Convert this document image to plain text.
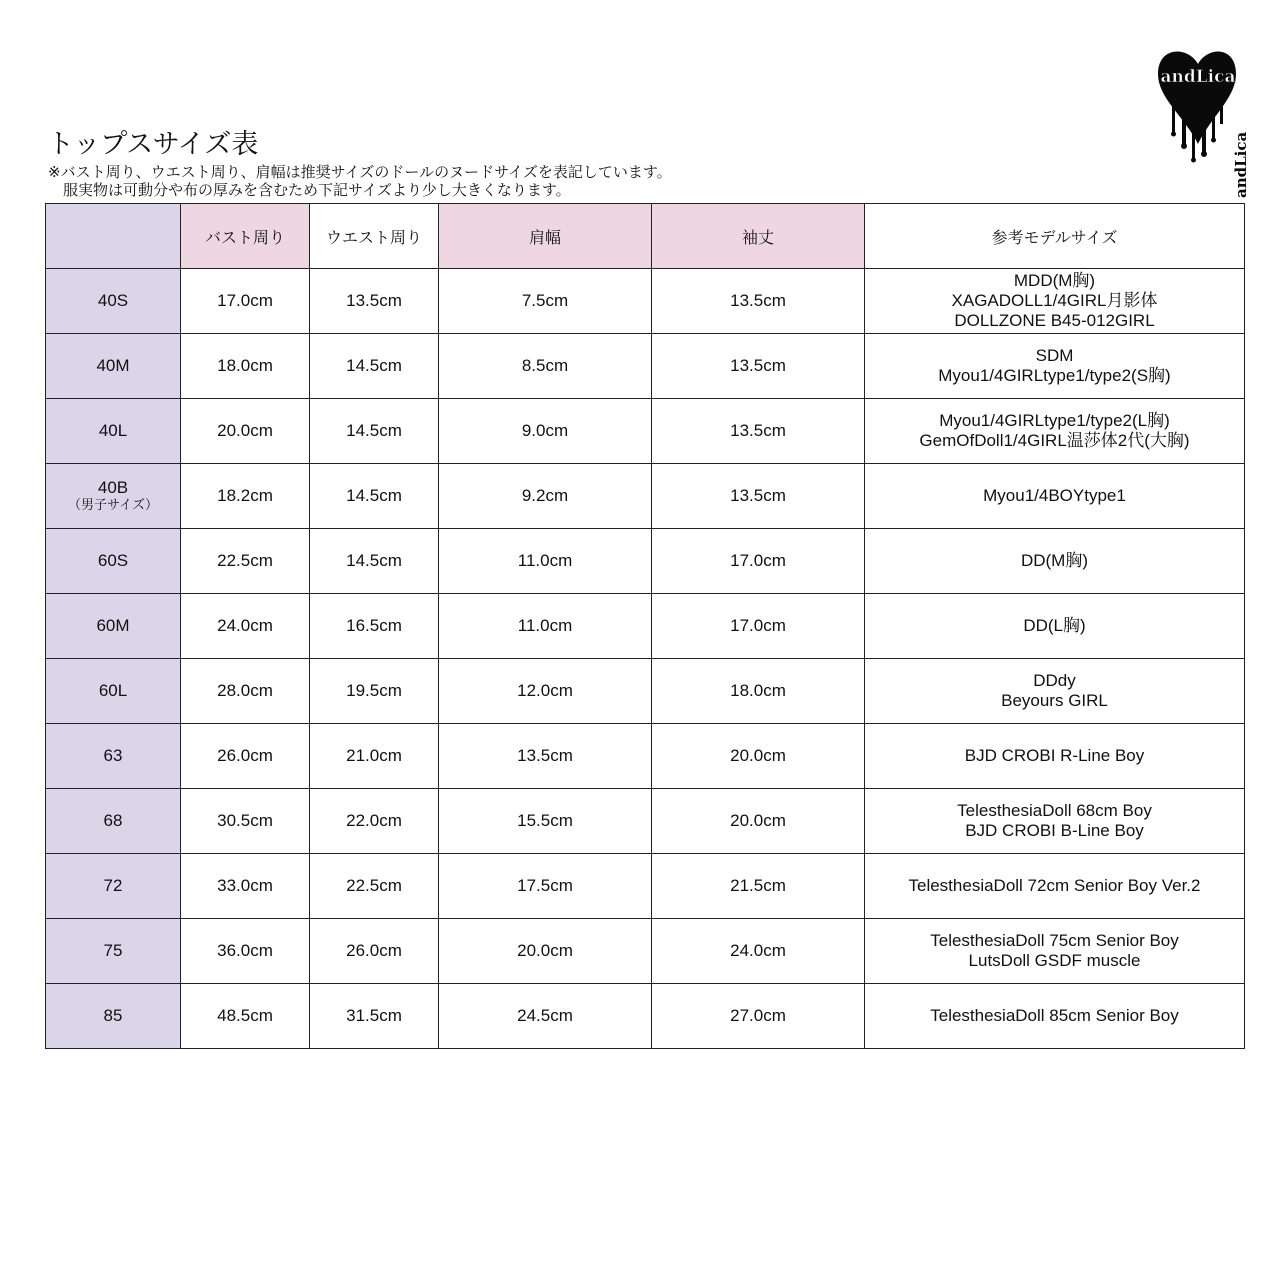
andLica
andLica
トップスサイズ表
※バスト周り、ウエスト周り、肩幅は推奨サイズのドールのヌードサイズを表記しています。
　服実物は可動分や布の厚みを含むため下記サイズより少し大きくなります。
	バスト周り	ウエスト周り	肩幅	袖丈	参考モデルサイズ
40S	17.0cm	13.5cm	7.5cm	13.5cm	MDD(M胸)
XAGADOLL1/4GIRL月影体
DOLLZONE B45-012GIRL

40M	18.0cm	14.5cm	8.5cm	13.5cm	SDM
Myou1/4GIRLtype1/type2(S胸)

40L	20.0cm	14.5cm	9.0cm	13.5cm	Myou1/4GIRLtype1/type2(L胸)
GemOfDoll1/4GIRL温莎体2代(大胸)

40B
（男子サイズ）	18.2cm	14.5cm	9.2cm	13.5cm	Myou1/4BOYtype1

60S	22.5cm	14.5cm	11.0cm	17.0cm	DD(M胸)

60M	24.0cm	16.5cm	11.0cm	17.0cm	DD(L胸)

60L	28.0cm	19.5cm	12.0cm	18.0cm	DDdy
Beyours GIRL

63	26.0cm	21.0cm	13.5cm	20.0cm	BJD CROBI R-Line Boy

68	30.5cm	22.0cm	15.5cm	20.0cm	TelesthesiaDoll 68cm Boy
BJD CROBI B-Line Boy

72	33.0cm	22.5cm	17.5cm	21.5cm	TelesthesiaDoll 72cm Senior Boy Ver.2

75	36.0cm	26.0cm	20.0cm	24.0cm	TelesthesiaDoll 75cm Senior Boy
LutsDoll GSDF muscle

85	48.5cm	31.5cm	24.5cm	27.0cm	TelesthesiaDoll 85cm Senior Boy
